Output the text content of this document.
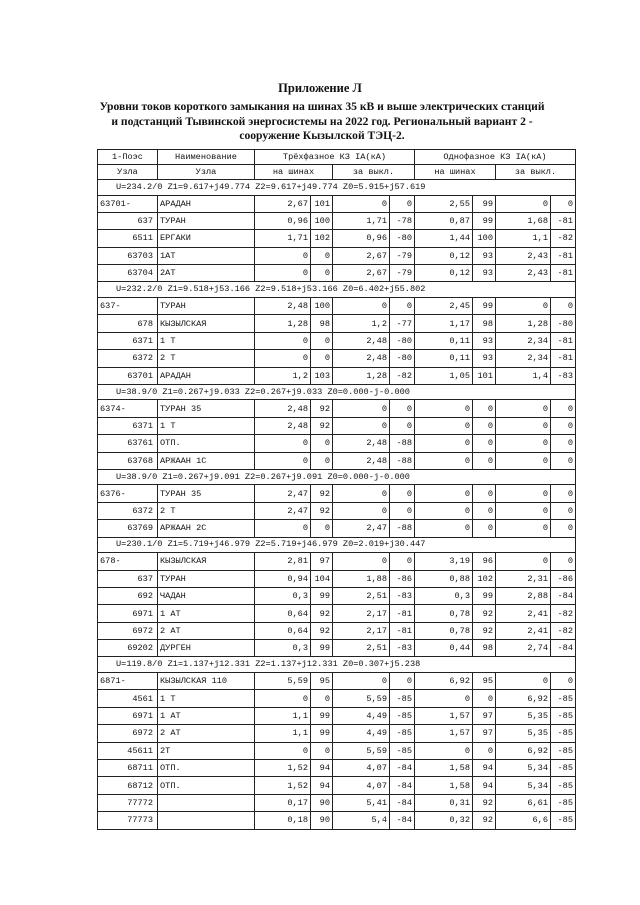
Приложение Л
Уровни токов короткого замыкания на шинах 35 кВ и выше электрических станций и подстанций Тывинской энергосистемы на 2022 год. Региональный вариант 2 - сооружение Кызылской ТЭЦ-2.
1-Поэс	Наименование	Трёхфазное КЗ IА(кА)				Однофазное КЗ IА(кА)			
Узла	Узла	на шинах		за выкл.		на шинах		за выкл.	
U=234.2/0 Z1=9.617+j49.774 Z2=9.617+j49.774 Z0=5.915+j57.619									
63701-	АРАДАН	2,67	101	0	0	2,55	99	0	0
637	ТУРАН	0,96	100	1,71	-78	0,87	99	1,68	-81
6511	ЕРГАКИ	1,71	102	0,96	-80	1,44	100	1,1	-82
63703	1АТ	0	0	2,67	-79	0,12	93	2,43	-81
63704	2АТ	0	0	2,67	-79	0,12	93	2,43	-81
U=232.2/0 Z1=9.518+j53.166 Z2=9.518+j53.166 Z0=6.402+j55.802									
637-	ТУРАН	2,48	100	0	0	2,45	99	0	0
678	КЫЗЫЛСКАЯ	1,28	98	1,2	-77	1,17	98	1,28	-80
6371	1 Т	0	0	2,48	-80	0,11	93	2,34	-81
6372	2 Т	0	0	2,48	-80	0,11	93	2,34	-81
63701	АРАДАН	1,2	103	1,28	-82	1,05	101	1,4	-83
U=38.9/0 Z1=0.267+j9.033 Z2=0.267+j9.033 Z0=0.000-j-0.000									
6374-	ТУРАН 35	2,48	92	0	0	0	0	0	0
6371	1 Т	2,48	92	0	0	0	0	0	0
63761	ОТП.	0	0	2,48	-88	0	0	0	0
63768	АРЖААН 1С	0	0	2,48	-88	0	0	0	0
U=38.9/0 Z1=0.267+j9.091 Z2=0.267+j9.091 Z0=0.000-j-0.000									
6376-	ТУРАН 35	2,47	92	0	0	0	0	0	0
6372	2 Т	2,47	92	0	0	0	0	0	0
63769	АРЖААН 2С	0	0	2,47	-88	0	0	0	0
U=230.1/0 Z1=5.719+j46.979 Z2=5.719+j46.979 Z0=2.019+j30.447									
678-	КЫЗЫЛСКАЯ	2,81	97	0	0	3,19	96	0	0
637	ТУРАН	0,94	104	1,88	-86	0,88	102	2,31	-86
692	ЧАДАН	0,3	99	2,51	-83	0,3	99	2,88	-84
6971	1 АТ	0,64	92	2,17	-81	0,78	92	2,41	-82
6972	2 АТ	0,64	92	2,17	-81	0,78	92	2,41	-82
69202	ДУРГЕН	0,3	99	2,51	-83	0,44	98	2,74	-84
U=119.8/0 Z1=1.137+j12.331 Z2=1.137+j12.331 Z0=0.307+j5.238									
6871-	КЫЗЫЛСКАЯ 110	5,59	95	0	0	6,92	95	0	0
4561	1 Т	0	0	5,59	-85	0	0	6,92	-85
6971	1 АТ	1,1	99	4,49	-85	1,57	97	5,35	-85
6972	2 АТ	1,1	99	4,49	-85	1,57	97	5,35	-85
45611	2Т	0	0	5,59	-85	0	0	6,92	-85
68711	ОТП.	1,52	94	4,07	-84	1,58	94	5,34	-85
68712	ОТП.	1,52	94	4,07	-84	1,58	94	5,34	-85
77772		0,17	90	5,41	-84	0,31	92	6,61	-85
77773		0,18	90	5,4	-84	0,32	92	6,6	-85
